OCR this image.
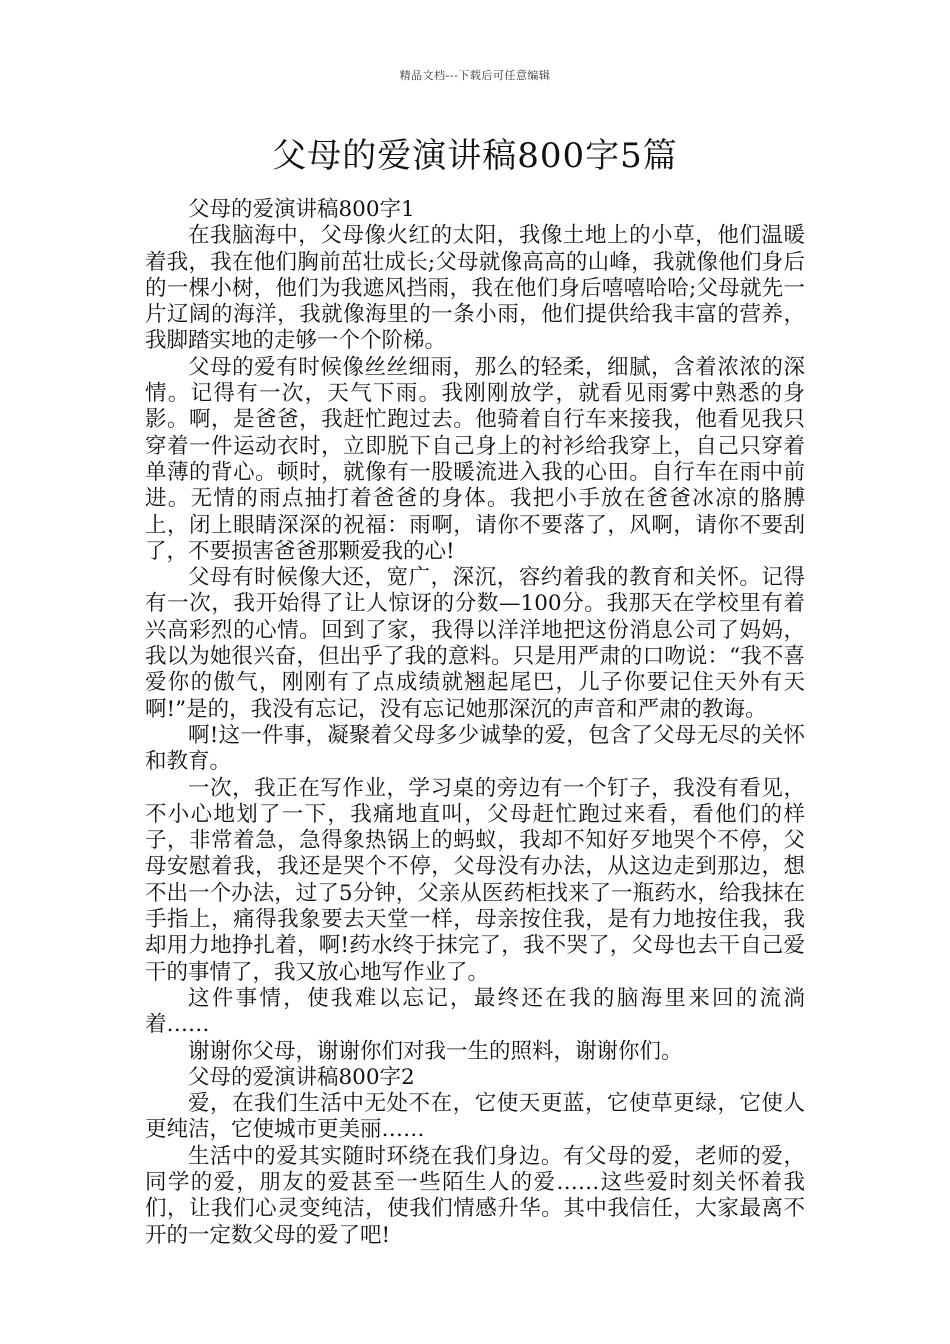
精品文档---下载后可任意编辑
父母的爱演讲稿800字5篇

父母的爱演讲稿800字1

在我脑海中，父母像火红的太阳，我像土地上的小草，他们温暖着我，我在他们胸前茁壮成长;父母就像高高的山峰，我就像他们身后的一棵小树，他们为我遮风挡雨，我在他们身后嘻嘻哈哈;父母就先一片辽阔的海洋，我就像海里的一条小雨，他们提供给我丰富的营养，我脚踏实地的走够一个个阶梯。

父母的爱有时候像丝丝细雨，那么的轻柔，细腻，含着浓浓的深情。记得有一次，天气下雨。我刚刚放学，就看见雨雾中熟悉的身影。啊，是爸爸，我赶忙跑过去。他骑着自行车来接我，他看见我只穿着一件运动衣时，立即脱下自己身上的衬衫给我穿上，自己只穿着单薄的背心。顿时，就像有一股暖流进入我的心田。自行车在雨中前进。无情的雨点抽打着爸爸的身体。我把小手放在爸爸冰凉的胳膊上，闭上眼睛深深的祝福：雨啊，请你不要落了，风啊，请你不要刮了，不要损害爸爸那颗爱我的心!

父母有时候像大还，宽广，深沉，容约着我的教育和关怀。记得有一次，我开始得了让人惊讶的分数—100分。我那天在学校里有着兴高彩烈的心情。回到了家，我得以洋洋地把这份消息公司了妈妈，我以为她很兴奋，但出乎了我的意料。只是用严肃的口吻说：“我不喜爱你的傲气，刚刚有了点成绩就翘起尾巴，儿子你要记住天外有天啊!”是的，我没有忘记，没有忘记她那深沉的声音和严肃的教诲。

啊!这一件事，凝聚着父母多少诚挚的爱，包含了父母无尽的关怀和教育。

一次，我正在写作业，学习桌的旁边有一个钉子，我没有看见，不小心地划了一下，我痛地直叫，父母赶忙跑过来看，看他们的样子，非常着急，急得象热锅上的蚂蚁，我却不知好歹地哭个不停，父母安慰着我，我还是哭个不停，父母没有办法，从这边走到那边，想不出一个办法，过了5分钟，父亲从医药柜找来了一瓶药水，给我抹在手指上，痛得我象要去天堂一样，母亲按住我，是有力地按住我，我却用力地挣扎着，啊!药水终于抹完了，我不哭了，父母也去干自己爱干的事情了，我又放心地写作业了。

这件事情，使我难以忘记，最终还在我的脑海里来回的流淌着……

谢谢你父母，谢谢你们对我一生的照料，谢谢你们。

父母的爱演讲稿800字2

爱，在我们生活中无处不在，它使天更蓝，它使草更绿，它使人更纯洁，它使城市更美丽……

生活中的爱其实随时环绕在我们身边。有父母的爱，老师的爱，同学的爱，朋友的爱甚至一些陌生人的爱……这些爱时刻关怀着我们，让我们心灵变纯洁，使我们情感升华。其中我信任，大家最离不开的一定数父母的爱了吧!
